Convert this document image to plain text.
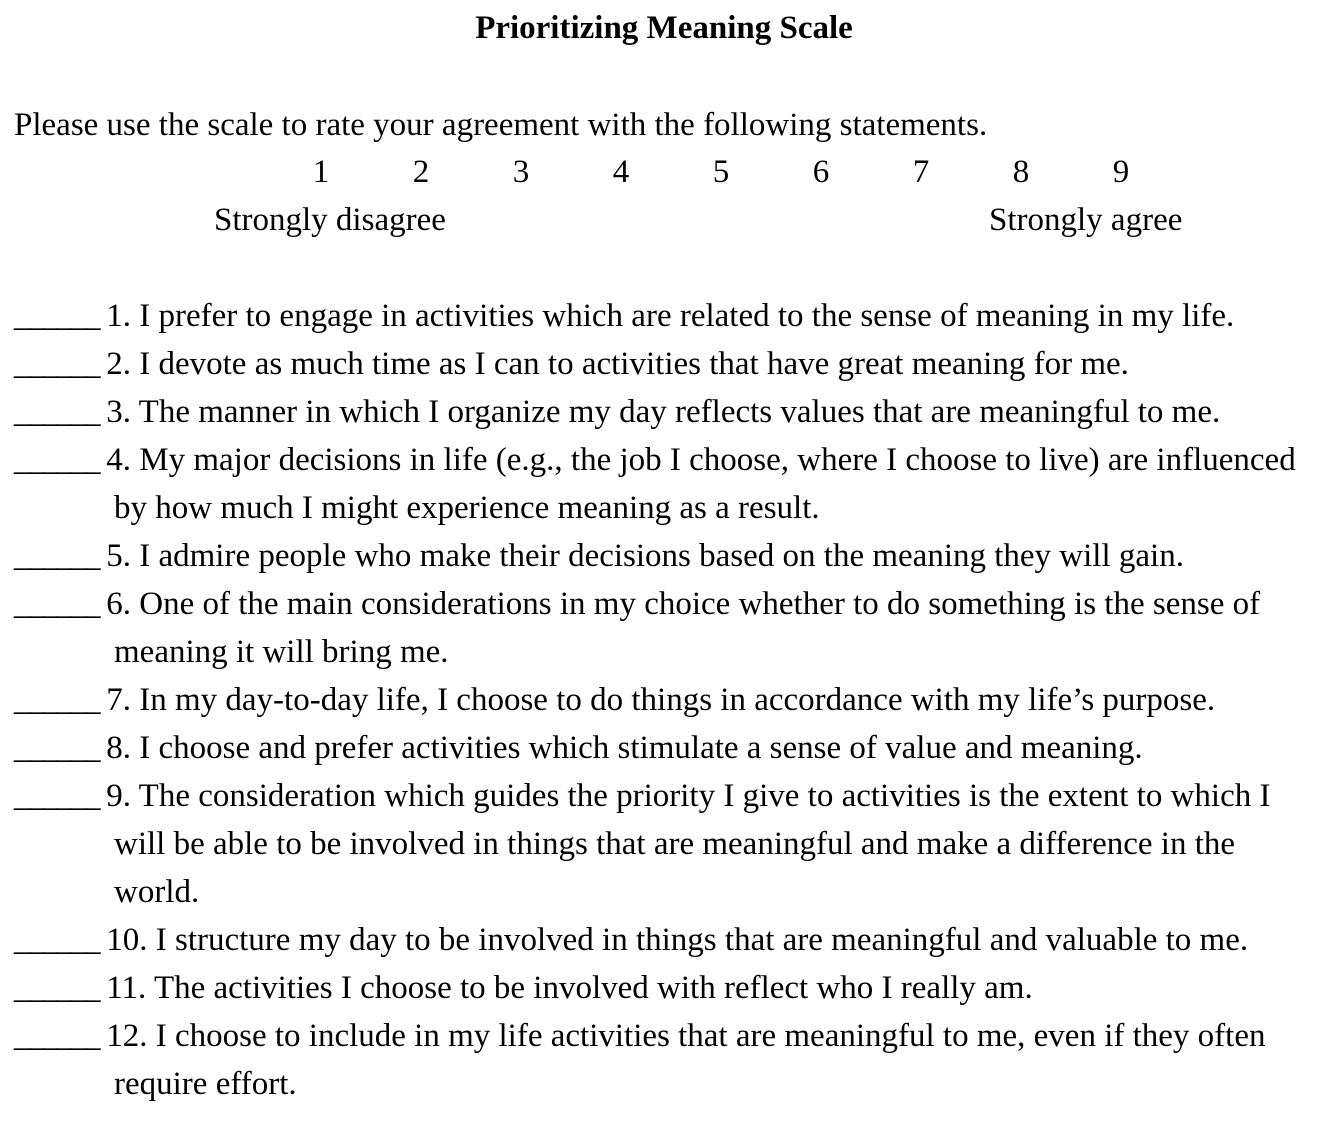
Prioritizing Meaning Scale
Please use the scale to rate your agreement with the following statements.
1	2	3	4	5	6	7	8	9
Strongly disagree	Strongly agree
______ 1. I prefer to engage in activities which are related to the sense of meaning in my life.
______ 2. I devote as much time as I can to activities that have great meaning for me.
______ 3. The manner in which I organize my day reflects values that are meaningful to me.
______ 4. My major decisions in life (e.g., the job I choose, where I choose to live) are influenced
by how much I might experience meaning as a result.
______ 5. I admire people who make their decisions based on the meaning they will gain.
______ 6. One of the main considerations in my choice whether to do something is the sense of
meaning it will bring me.
______ 7. In my day-to-day life, I choose to do things in accordance with my life’s purpose.
______ 8. I choose and prefer activities which stimulate a sense of value and meaning.
______ 9. The consideration which guides the priority I give to activities is the extent to which I
will be able to be involved in things that are meaningful and make a difference in the
world.
______ 10. I structure my day to be involved in things that are meaningful and valuable to me.
______ 11. The activities I choose to be involved with reflect who I really am.
______ 12. I choose to include in my life activities that are meaningful to me, even if they often
require effort.
